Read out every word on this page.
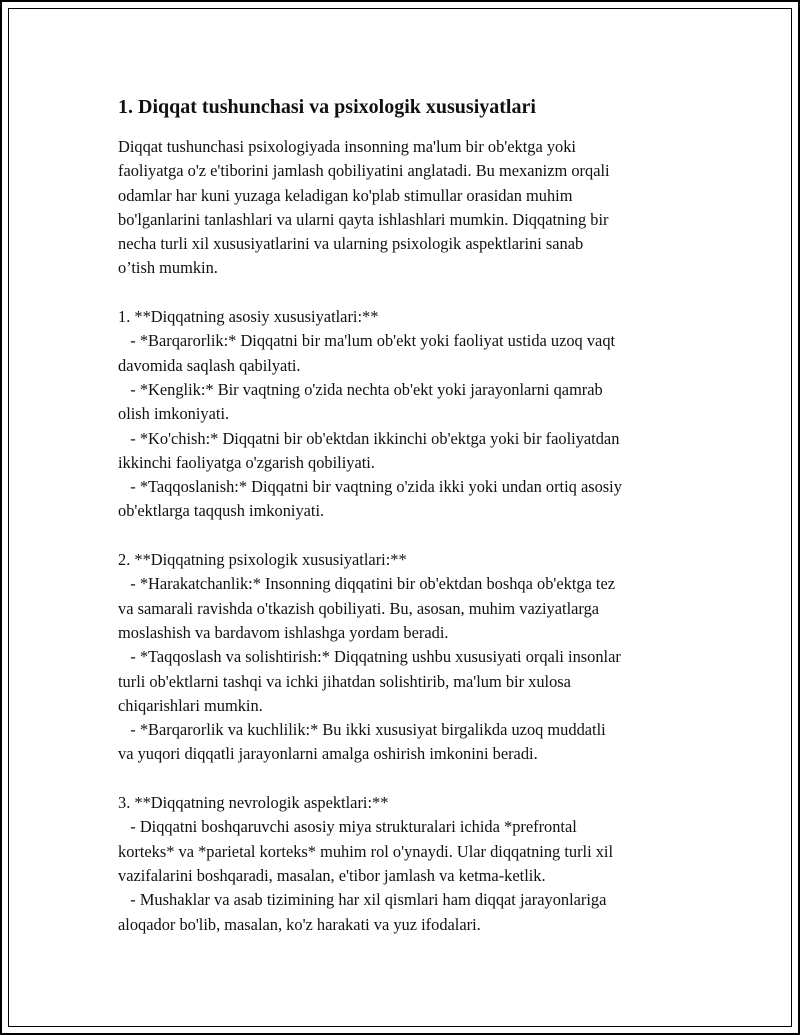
1. Diqqat tushunchasi va psixologik xususiyatlari
Diqqat tushunchasi psixologiyada insonning ma'lum bir ob'ektga yoki
faoliyatga o'z e'tiborini jamlash qobiliyatini anglatadi. Bu mexanizm orqali
odamlar har kuni yuzaga keladigan ko'plab stimullar orasidan muhim
bo'lganlarini tanlashlari va ularni qayta ishlashlari mumkin. Diqqatning bir
necha turli xil xususiyatlarini va ularning psixologik aspektlarini sanab
o’tish mumkin.
1. **Diqqatning asosiy xususiyatlari:**
- *Barqarorlik:* Diqqatni bir ma'lum ob'ekt yoki faoliyat ustida uzoq vaqt
davomida saqlash qabilyati.
- *Kenglik:* Bir vaqtning o'zida nechta ob'ekt yoki jarayonlarni qamrab
olish imkoniyati.
- *Ko'chish:* Diqqatni bir ob'ektdan ikkinchi ob'ektga yoki bir faoliyatdan
ikkinchi faoliyatga o'zgarish qobiliyati.
- *Taqqoslanish:* Diqqatni bir vaqtning o'zida ikki yoki undan ortiq asosiy
ob'ektlarga taqqush imkoniyati.
2. **Diqqatning psixologik xususiyatlari:**
- *Harakatchanlik:* Insonning diqqatini bir ob'ektdan boshqa ob'ektga tez
va samarali ravishda o'tkazish qobiliyati. Bu, asosan, muhim vaziyatlarga
moslashish va bardavom ishlashga yordam beradi.
- *Taqqoslash va solishtirish:* Diqqatning ushbu xususiyati orqali insonlar
turli ob'ektlarni tashqi va ichki jihatdan solishtirib, ma'lum bir xulosa
chiqarishlari mumkin.
- *Barqarorlik va kuchlilik:* Bu ikki xususiyat birgalikda uzoq muddatli
va yuqori diqqatli jarayonlarni amalga oshirish imkonini beradi.
3. **Diqqatning nevrologik aspektlari:**
- Diqqatni boshqaruvchi asosiy miya strukturalari ichida *prefrontal
korteks* va *parietal korteks* muhim rol o'ynaydi. Ular diqqatning turli xil
vazifalarini boshqaradi, masalan, e'tibor jamlash va ketma-ketlik.
- Mushaklar va asab tizimining har xil qismlari ham diqqat jarayonlariga
aloqador bo'lib, masalan, ko'z harakati va yuz ifodalari.
